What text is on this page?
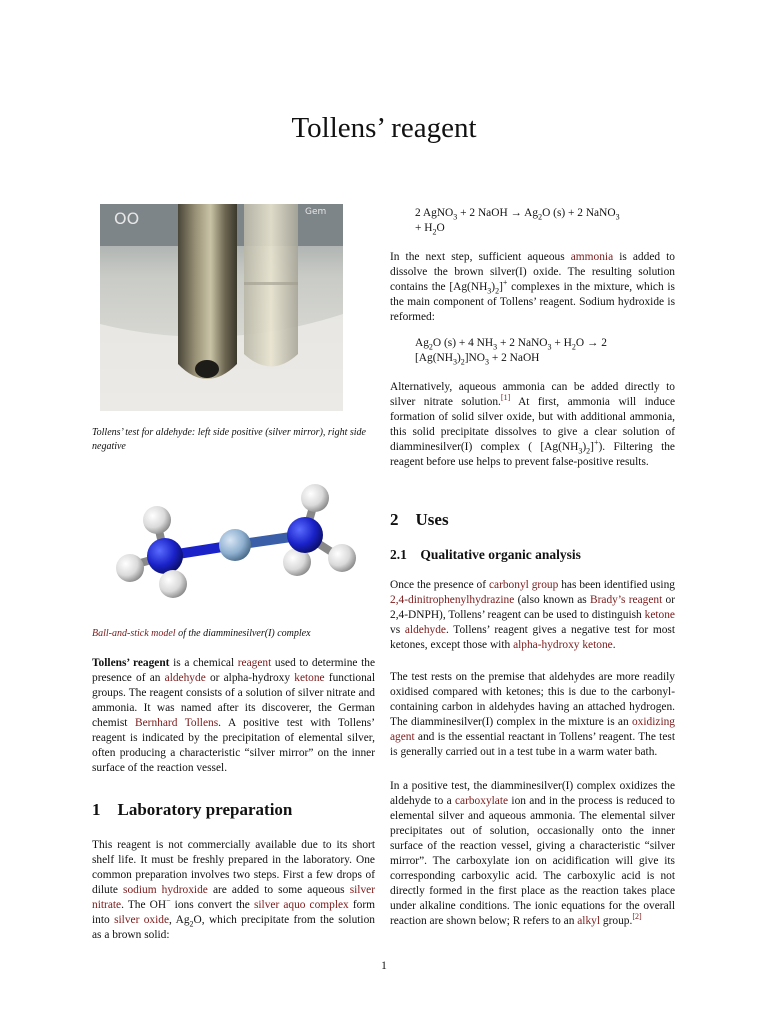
Tollens’ reagent
OO	Gem
Tollens’ test for aldehyde: left side positive (silver mirror), right side negative
Ball-and-stick model of the diamminesilver(I) complex

Tollens’ reagent is a chemical reagent used to determine the presence of an aldehyde or alpha-hydroxy ketone functional groups. The reagent consists of a solution of silver nitrate and ammonia. It was named after its discoverer, the German chemist Bernhard Tollens. A positive test with Tollens’ reagent is indicated by the precipitation of elemental silver, often producing a characteristic “silver mirror” on the inner surface of the reaction vessel.

1 Laboratory preparation

This reagent is not commercially available due to its short shelf life. It must be freshly prepared in the laboratory. One common preparation involves two steps. First a few drops of dilute sodium hydroxide are added to some aqueous silver nitrate. The OH− ions convert the silver aquo complex form into silver oxide, $Ag_2O$, which precipitate from the solution as a brown solid:

2 AgNO$_3$ + 2 NaOH → $Ag_2O$ (s) + 2 NaNO$_3$
+ $H_2O$

In the next step, sufficient aqueous ammonia is added to dissolve the brown silver(I) oxide. The resulting solution contains the $[Ag(NH_3)_2]^+$ complexes in the mixture, which is the main component of Tollens’ reagent. Sodium hydroxide is reformed:

$Ag_2O$ (s) + 4 $NH_3 + 2$ NaNO$_3$ + $H_2O \to 2$
$[Ag(NH_3)_2]NO_3 + 2$ NaOH

Alternatively, aqueous ammonia can be added directly to silver nitrate solution.[1] At first, ammonia will induce formation of solid silver oxide, but with additional ammonia, this solid precipitate dissolves to give a clear solution of diamminesilver(I) complex ( $[Ag(NH_3)_2]^+$). Filtering the reagent before use helps to prevent false-positive results.

2 Uses
2.1 Qualitative organic analysis

Once the presence of carbonyl group has been identified using 2,4-dinitrophenylhydrazine (also known as Brady’s reagent or 2,4-DNPH), Tollens’ reagent can be used to distinguish ketone vs aldehyde. Tollens’ reagent gives a negative test for most ketones, except those with alpha-hydroxy ketone.

The test rests on the premise that aldehydes are more readily oxidised compared with ketones; this is due to the carbonyl-containing carbon in aldehydes having an attached hydrogen. The diamminesilver(I) complex in the mixture is an oxidizing agent and is the essential reactant in Tollens’ reagent. The test is generally carried out in a test tube in a warm water bath.

In a positive test, the diamminesilver(I) complex oxidizes the aldehyde to a carboxylate ion and in the process is reduced to elemental silver and aqueous ammonia. The elemental silver precipitates out of solution, occasionally onto the inner surface of the reaction vessel, giving a characteristic “silver mirror”. The carboxylate ion on acidification will give its corresponding carboxylic acid. The carboxylic acid is not directly formed in the first place as the reaction takes place under alkaline conditions. The ionic equations for the overall reaction are shown below; R refers to an alkyl group.[2]

1
